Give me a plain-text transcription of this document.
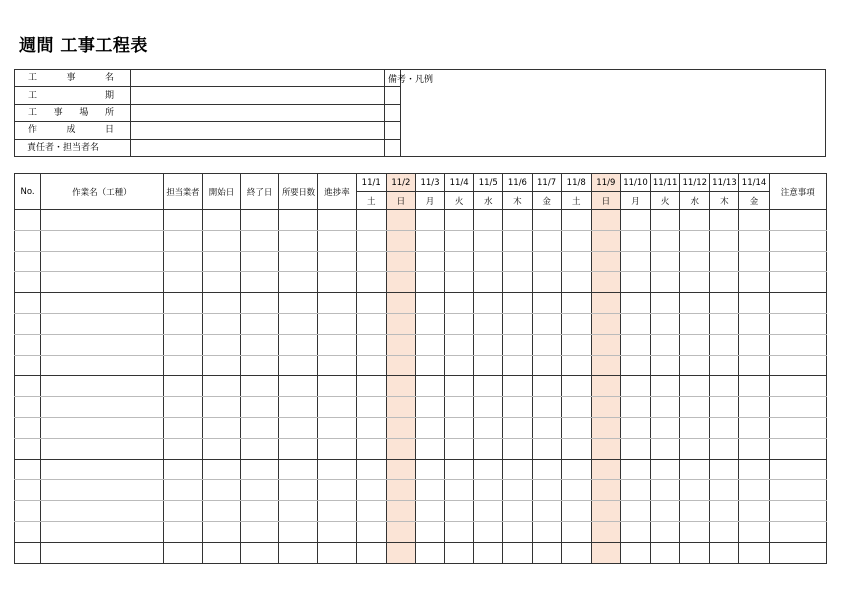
週間 工事工程表
工 事 名	

工 期	

工 事 場 所	

作 成 日	

責任者・担当者名	
備考・凡例
No.	作業名（工種）	担当業者	開始日	終了日	所要日数	進捗率	11/1	11/2	11/3	11/4	11/5	11/6	11/7	11/8	11/9	11/10	11/11	11/12	11/13	11/14	注意事項
							土	日	月	火	水	木	金	土	日	月	火	水	木	金	
